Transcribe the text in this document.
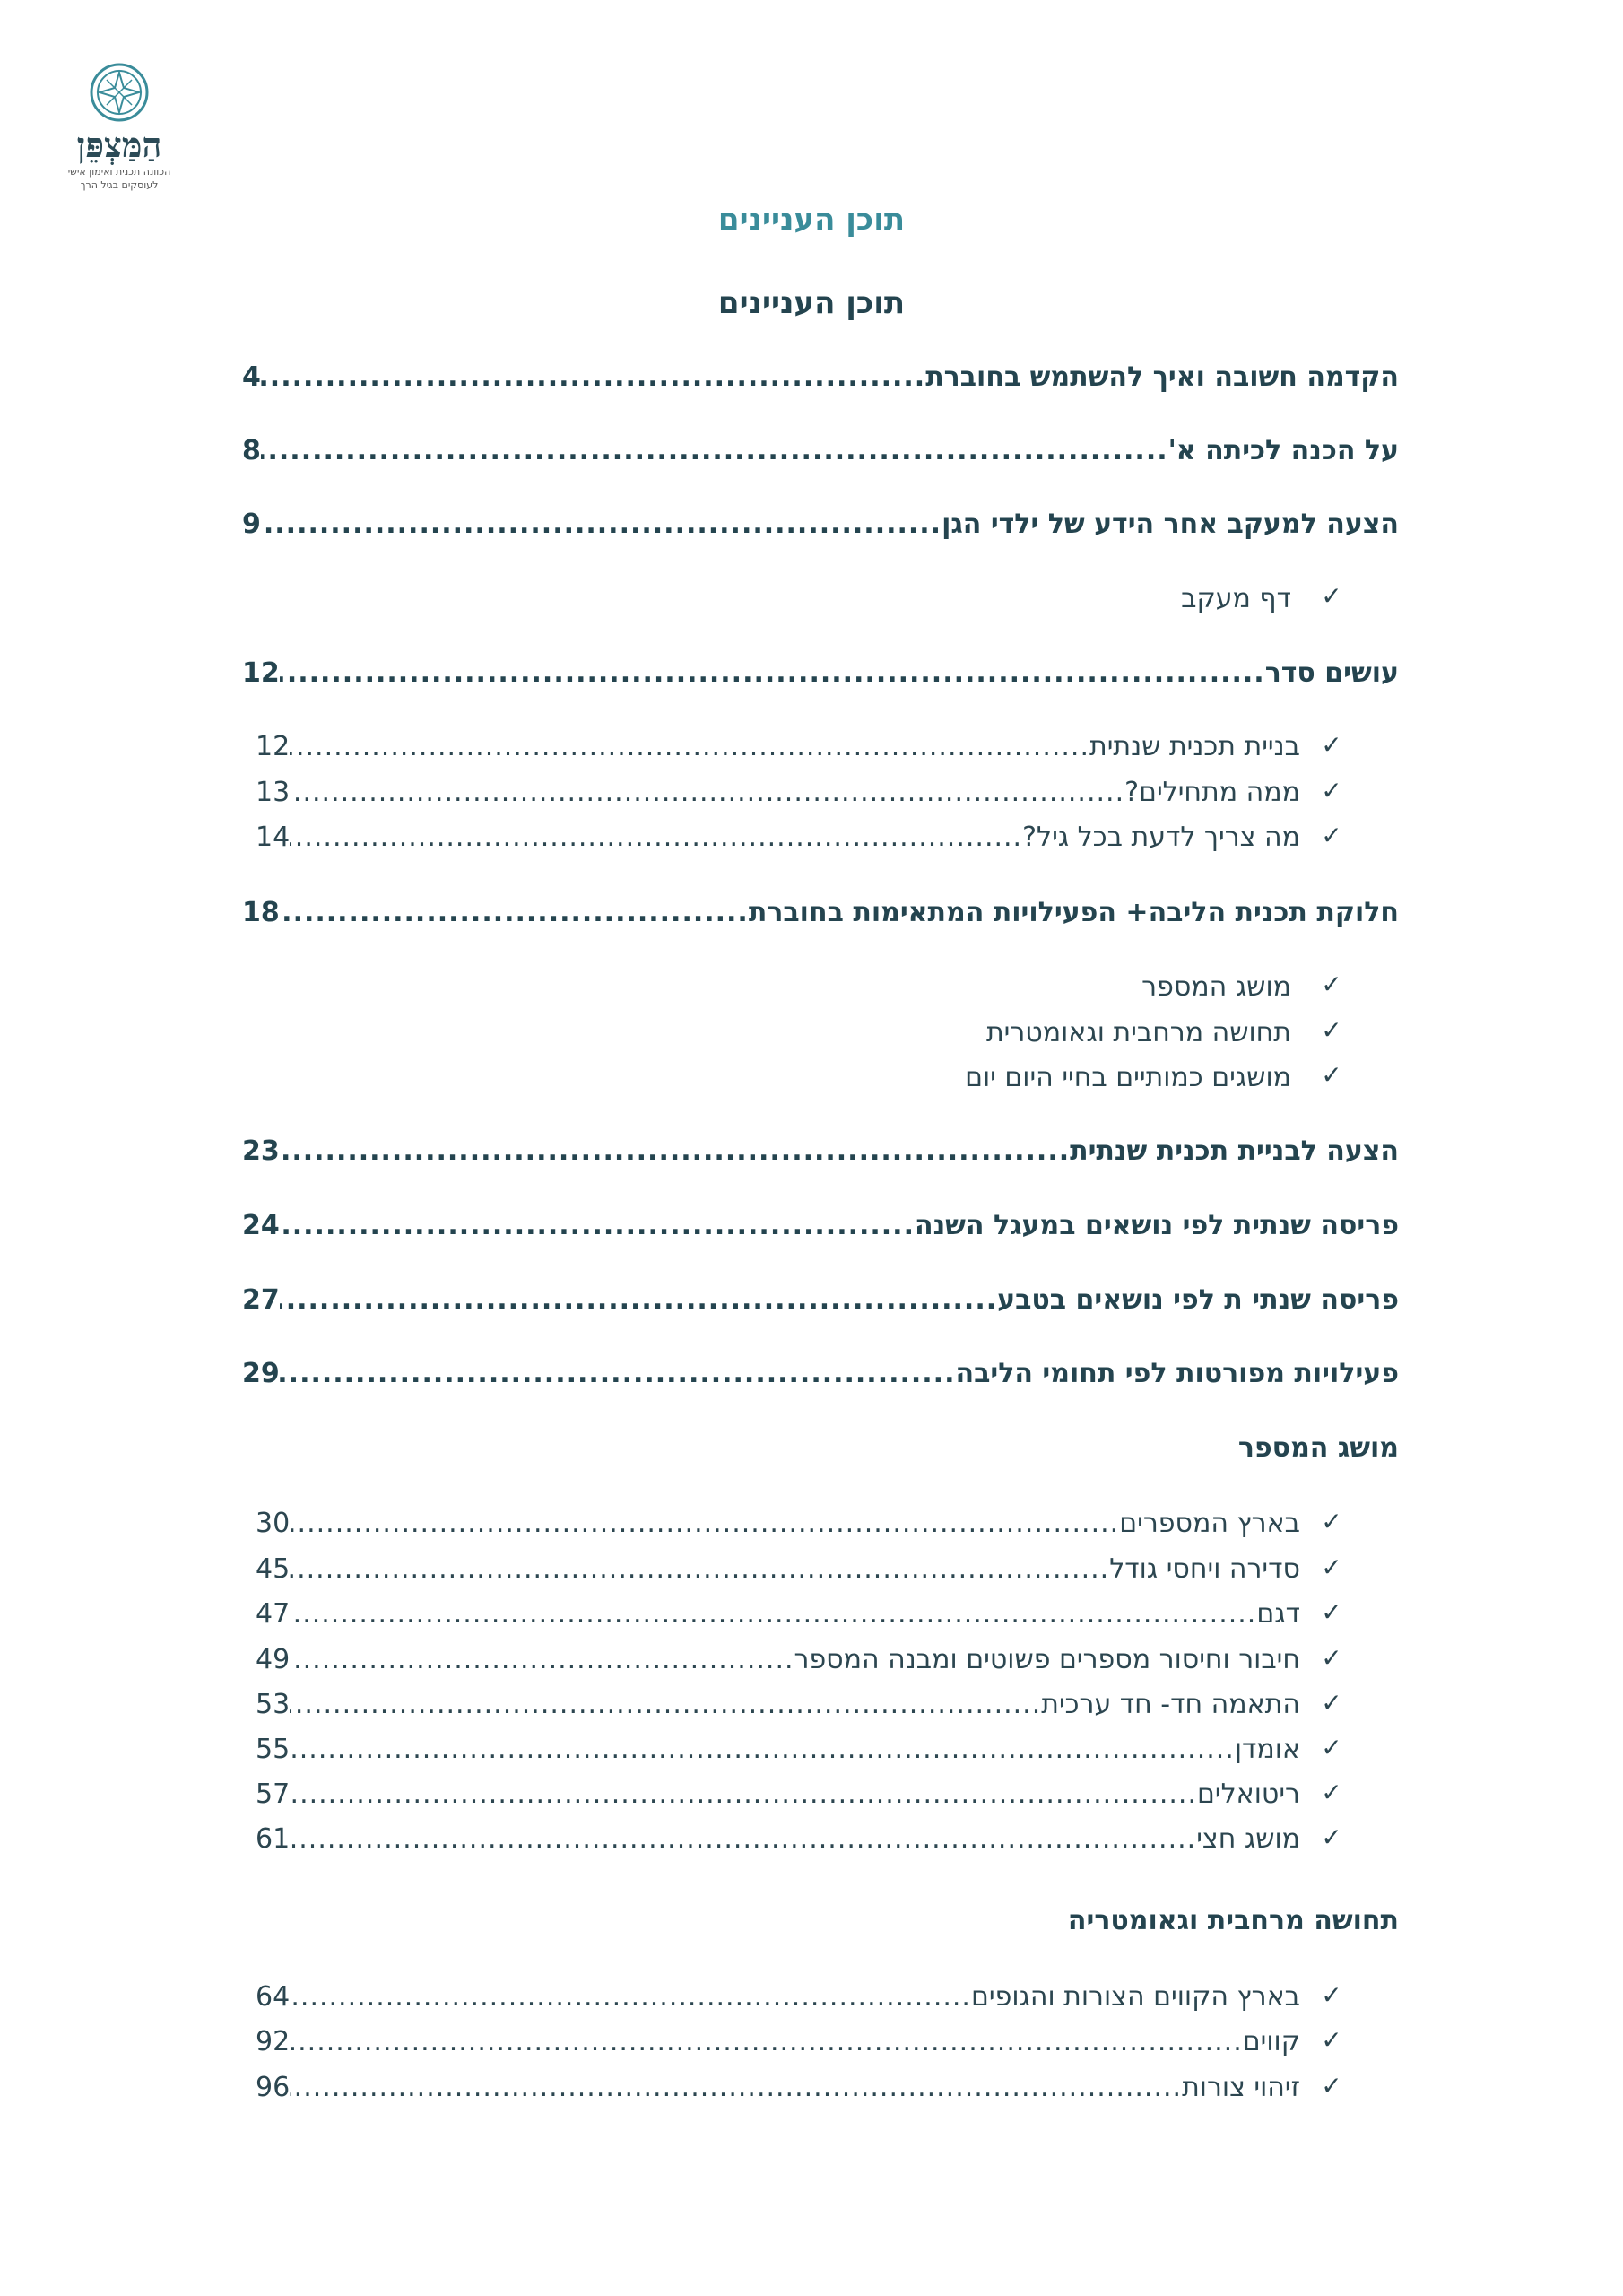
הַמַּצְפֵּן
הכוונה תכנית ואימון אישי
לעוסקים בגיל הרך
תוכן העניינים
תוכן העניינים
הקדמה חשובה ואיך להשתמש בחוברת
.....
4
על הכנה לכיתה א'
.....
8
הצעה למעקב אחר הידע של ילדי הגן
.....
9
✓
דף מעקב
עושים סדר
.....
12
✓
בניית תכנית שנתית
.....
12
✓
ממה מתחילים?
.....
13
✓
מה צריך לדעת בכל גיל?
.....
14
חלוקת תכנית הליבה+ הפעילויות המתאימות בחוברת
.....
18
✓
מושג המספר
✓
תחושה מרחבית וגאומטרית
✓
מושגים כמותיים בחיי היום יום
הצעה לבניית תכנית שנתית
.....
23
פריסה שנתית לפי נושאים במעגל השנה
.....
24
פריסה שנתי ת לפי נושאים בטבע
.....
27
פעילויות מפורטות לפי תחומי הליבה
.....
29
מושג המספר
✓
בארץ המספרים
.....
30
✓
סדירה ויחסי גודל
.....
45
✓
דגם
.....
47
✓
חיבור וחיסור מספרים פשוטים ומבנה המספר
.....
49
✓
התאמה חד- חד ערכית
.....
53
✓
אומדן
.....
55
✓
ריטואלים
.....
57
✓
מושג חצי
.....
61
תחושה מרחבית וגאומטריה
✓
בארץ הקווים הצורות והגופים
.....
64
✓
קווים
.....
92
✓
זיהוי צורות
.....
96
